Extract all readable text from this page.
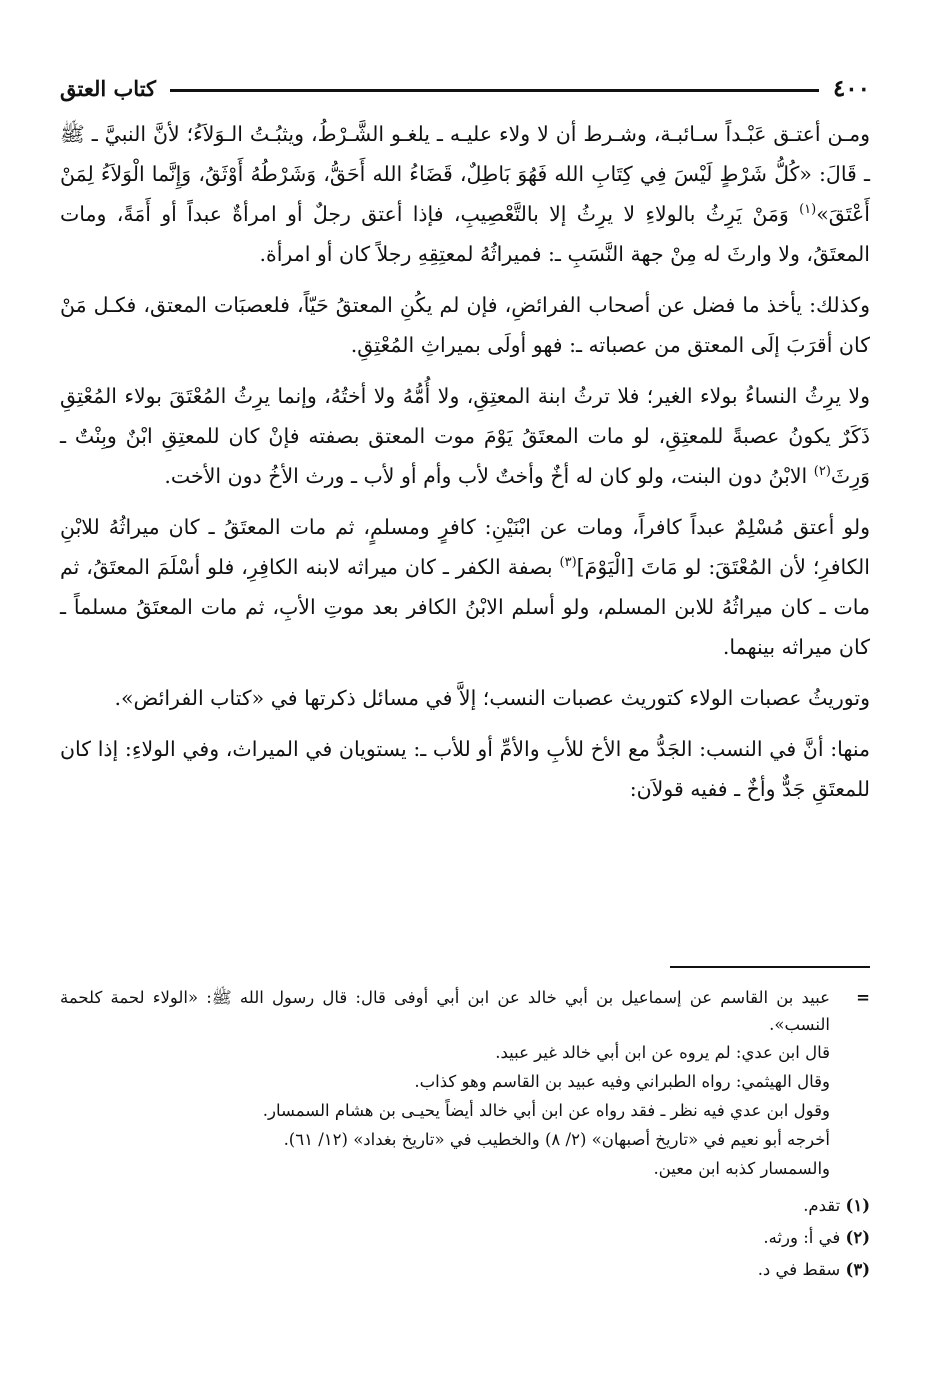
٤٠٠
كتاب العتق

ومـن أعتـق عَبْـداً سـائبـة، وشـرط أن لا ولاء عليـه ـ يلغـو الشَّـرْطُ، ويثبُـتُ الـوَلاَءُ؛ لأنَّ النبيَّ ـ ﷺ ـ قَالَ: «كُلُّ شَرْطٍ لَيْسَ فِي كِتَابِ الله فَهُوَ بَاطِلٌ، قَضَاءُ الله أَحَقُّ، وَشَرْطُهُ أَوْثَقُ، وَإِنَّما الْوَلاَءُ لِمَنْ أَعْتَقَ»$^{(١)}$ وَمَنْ يَرِثُ بالولاءِ لا يرِثُ إلا بالتَّعْصِيبِ، فإذا أعتق رجلٌ أو امرأةٌ عبداً أو أَمَةً، ومات المعتَقُ، ولا وارثَ له مِنْ جهة النَّسَبِ ـ: فميراثُهُ لمعتِقِهِ رجلاً كان أو امرأة.

وكذلك: يأخذ ما فضل عن أصحاب الفرائضِ، فإن لم يكُنِ المعتقُ حَيّاً، فلعصبَات المعتق، فكـل مَنْ كان أقرَبَ إلَى المعتق من عصباته ـ: فهو أولَى بميراثِ المُعْتِقِ.

ولا يرِثُ النساءُ بولاء الغير؛ فلا ترثُ ابنة المعتِقِ، ولا أُمُّهُ ولا أختُهُ، وإنما يرِثُ المُعْتَقَ بولاء المُعْتِقِ ذَكَرٌ يكونُ عصبةً للمعتِقِ، لو مات المعتَقُ يَوْمَ موت المعتق بصفته فإنْ كان للمعتِقِ ابْنٌ وبِنْتٌ ـ وَرِثَ$^{(٢)}$ الابْنُ دون البنت، ولو كان له أخٌ وأختٌ لأب وأم أو لأب ـ ورث الأخُ دون الأخت.

ولو أعتق مُسْلِمٌ عبداً كافراً، ومات عن ابْنَيْنِ: كافرٍ ومسلمٍ، ثم مات المعتَقُ ـ كان ميراثُهُ للابْنِ الكافرِ؛ لأن المُعْتَقَ: لو مَاتَ [الْيَوْمَ]$^{(٣)}$ بصفة الكفر ـ كان ميراثه لابنه الكافِرِ، فلو أسْلَمَ المعتَقُ، ثم مات ـ كان ميراثُهُ للابن المسلم، ولو أسلم الابْنُ الكافر بعد موتِ الأبِ، ثم مات المعتَقُ مسلماً ـ كان ميراثه بينهما.

وتوريثُ عصبات الولاء كتوريث عصبات النسب؛ إلاَّ في مسائل ذكرتها في «كتاب الفرائض».

منها: أنَّ في النسب: الجَدُّ مع الأخ للأبِ والأمِّ أو للأب ـ: يستويان في الميراث، وفي الولاءِ: إذا كان للمعتَقِ جَدٌّ وأخٌ ـ ففيه قولاَن:

=
عبيد بن القاسم عن إسماعيل بن أبي خالد عن ابن أبي أوفى قال: قال رسول الله ﷺ: «الولاء لحمة كلحمة النسب».
قال ابن عدي: لم يروه عن ابن أبي خالد غير عبيد.
وقال الهيثمي: رواه الطبراني وفيه عبيد بن القاسم وهو كذاب.
وقول ابن عدي فيه نظر ـ فقد رواه عن ابن أبي خالد أيضاً يحيـى بن هشام السمسار.
أخرجه أبو نعيم في «تاريخ أصبهان» (٢/ ٨) والخطيب في «تاريخ بغداد» (١٢/ ٦١).
والسمسار كذبه ابن معين.
(١) تقدم.
(٢) في أ: ورثه.
(٣) سقط في د.
